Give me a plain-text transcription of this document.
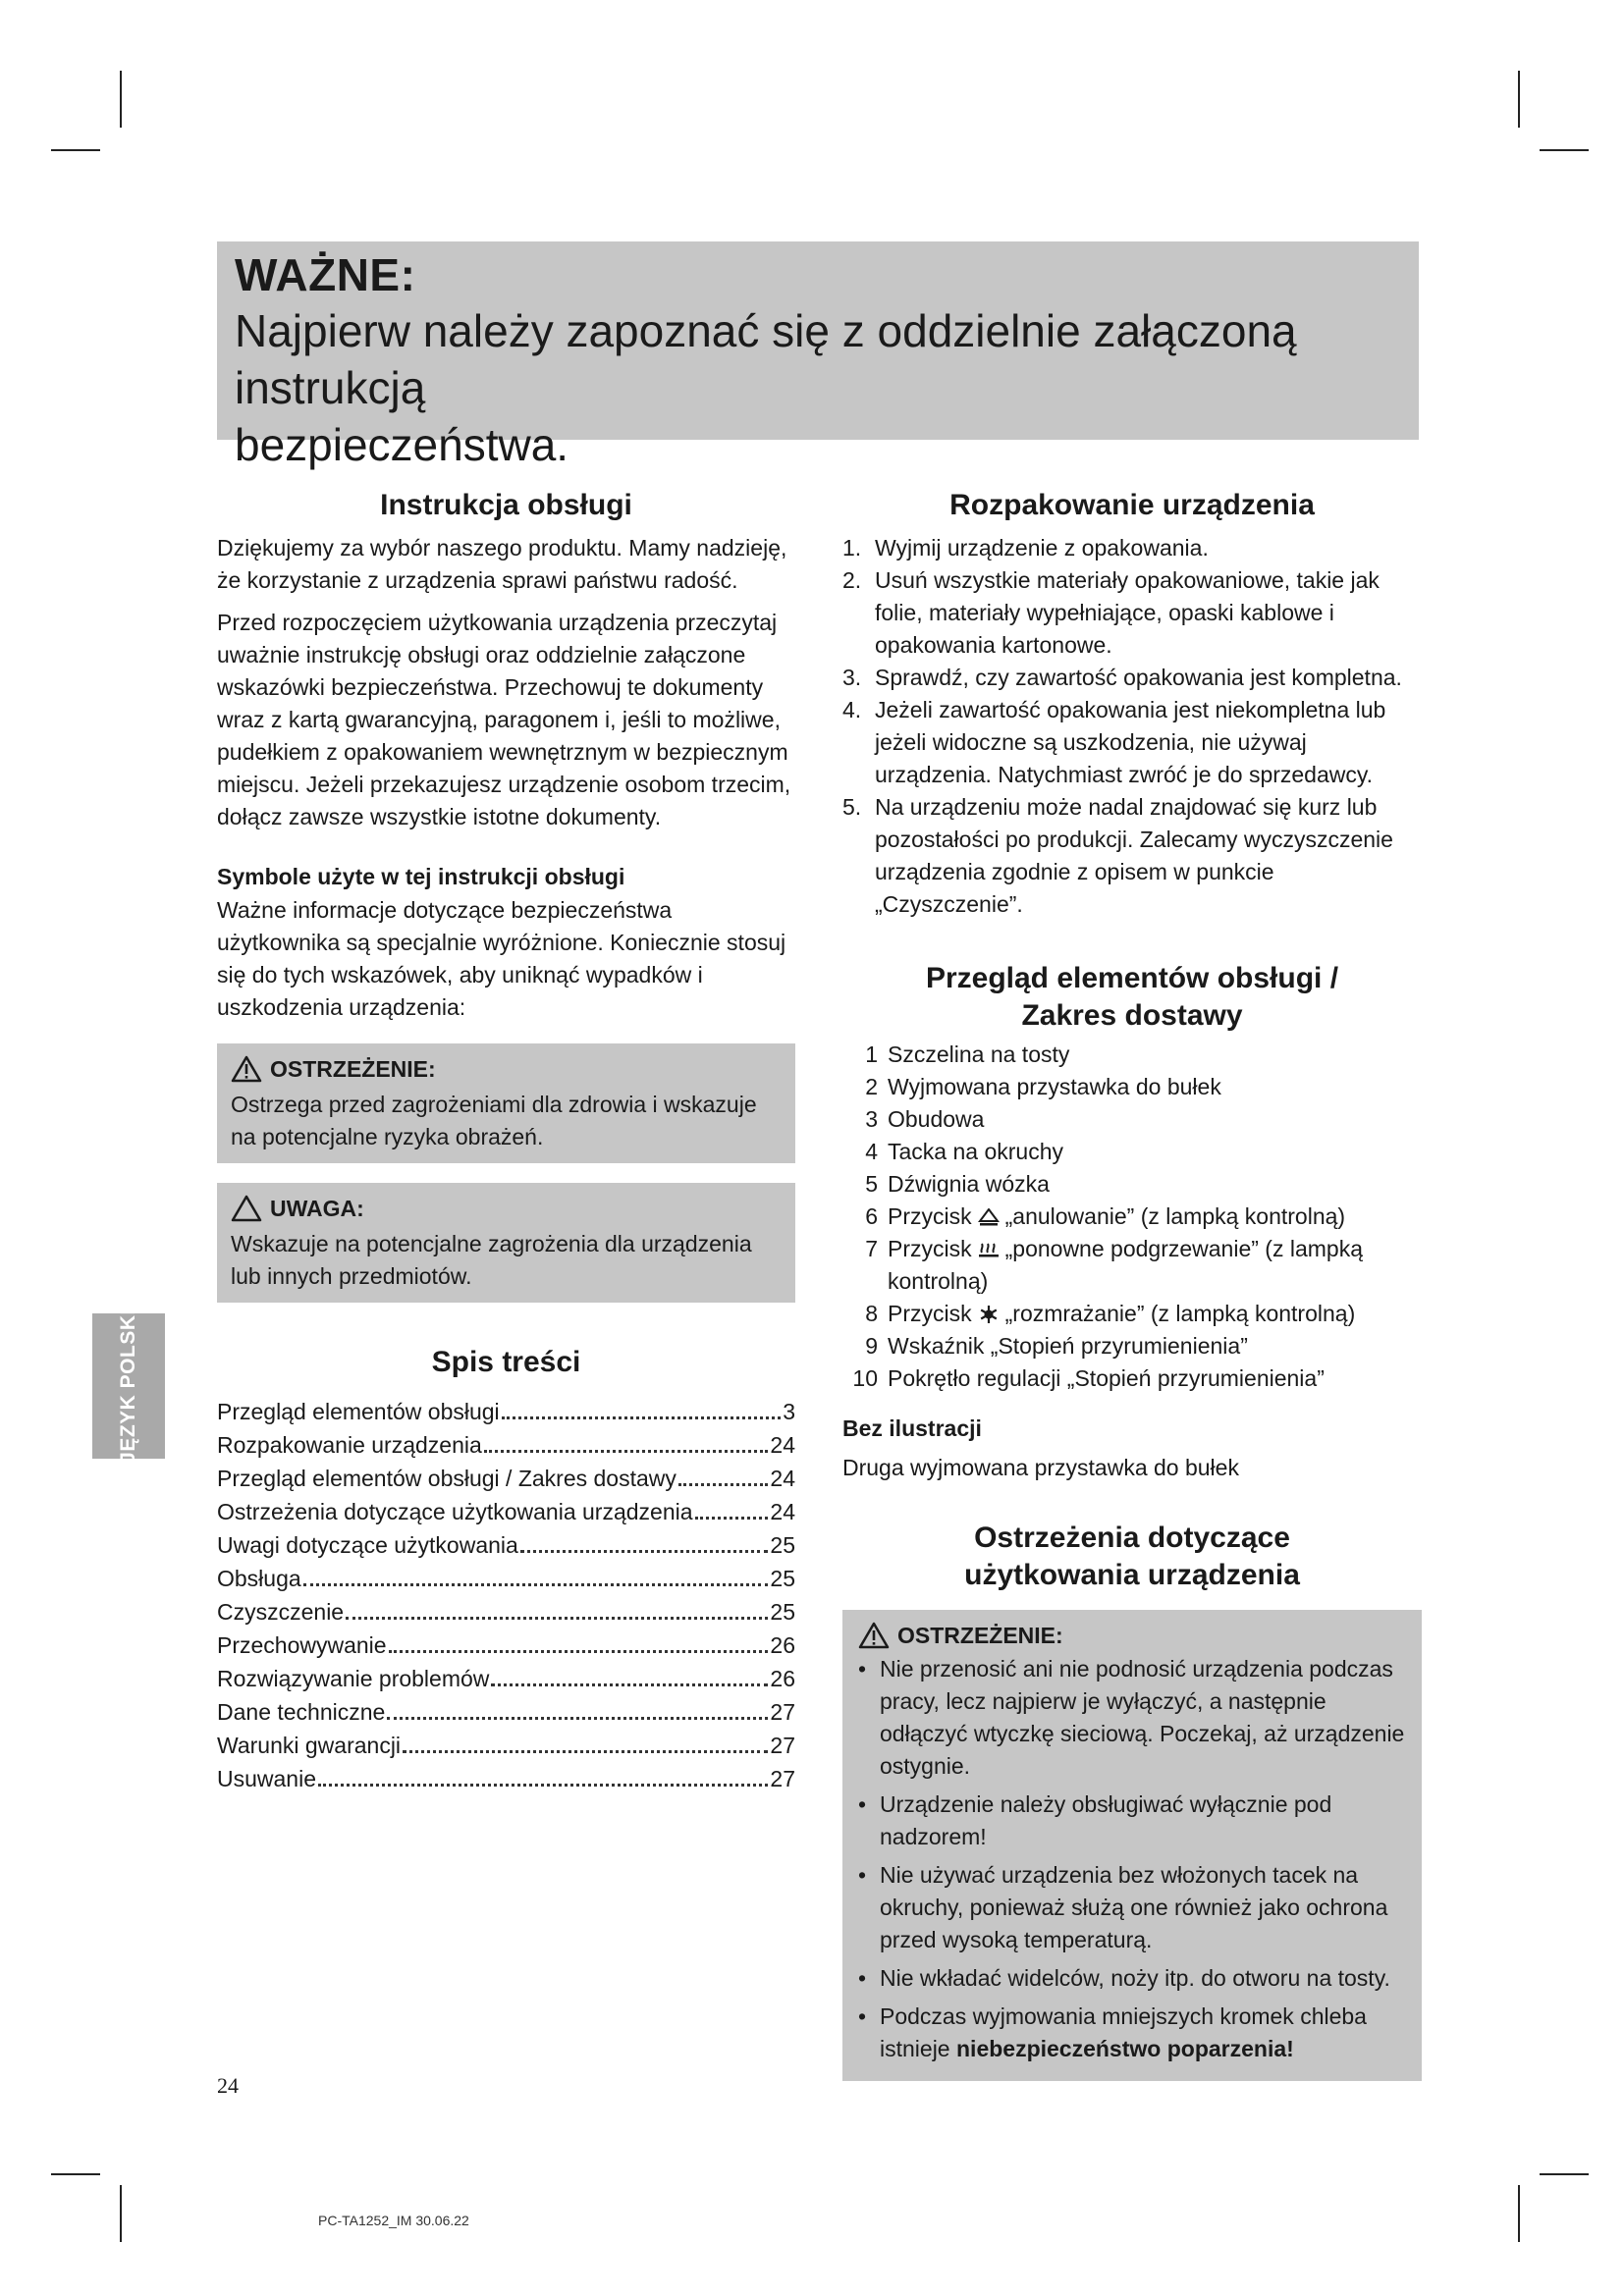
WAŻNE:
Najpierw należy zapoznać się z oddzielnie załączoną instrukcją
bezpieczeństwa.
Instrukcja obsługi

Dziękujemy za wybór naszego produktu. Mamy nadzieję, że korzystanie z urządzenia sprawi państwu radość.

Przed rozpoczęciem użytkowania urządzenia przeczytaj uważnie instrukcję obsługi oraz oddzielnie załączone wskazówki bezpieczeństwa. Przechowuj te dokumenty wraz z kartą gwarancyjną, paragonem i, jeśli to możliwe, pudełkiem z opakowaniem wewnętrznym w bezpiecznym miejscu. Jeżeli przekazujesz urządzenie osobom trzecim, dołącz zawsze wszystkie istotne dokumenty.

Symbole użyte w tej instrukcji obsługi

Ważne informacje dotyczące bezpieczeństwa użytkownika są specjalnie wyróżnione. Koniecznie stosuj się do tych wskazówek, aby uniknąć wypadków i uszkodzenia urządzenia:

OSTRZEŻENIE:

Ostrzega przed zagrożeniami dla zdrowia i wskazuje na potencjalne ryzyka obrażeń.

UWAGA:

Wskazuje na potencjalne zagrożenia dla urządzenia lub innych przedmiotów.

Spis treści
Przegląd elementów obsługi	3
Rozpakowanie urządzenia	24
Przegląd elementów obsługi / Zakres dostawy	24
Ostrzeżenia dotyczące użytkowania urządzenia	24
Uwagi dotyczące użytkowania	25
Obsługa	25
Czyszczenie	25
Przechowywanie	26
Rozwiązywanie problemów	26
Dane techniczne	27
Warunki gwarancji	27
Usuwanie	27
Rozpakowanie urządzenia
1. Wyjmij urządzenie z opakowania.
2. Usuń wszystkie materiały opakowaniowe, takie jak folie, materiały wypełniające, opaski kablowe i opakowania kartonowe.
3. Sprawdź, czy zawartość opakowania jest kompletna.
4. Jeżeli zawartość opakowania jest niekompletna lub jeżeli widoczne są uszkodzenia, nie używaj urządzenia. Natychmiast zwróć je do sprzedawcy.
5. Na urządzeniu może nadal znajdować się kurz lub pozostałości po produkcji. Zalecamy wyczyszczenie urządzenia zgodnie z opisem w punkcie „Czyszczenie”.
Przegląd elementów obsługi /
Zakres dostawy
1 Szczelina na tosty
2 Wyjmowana przystawka do bułek
3 Obudowa
4 Tacka na okruchy
5 Dźwignia wózka
6 Przycisk „anulowanie” (z lampką kontrolną)
7 Przycisk „ponowne podgrzewanie” (z lampką kontrolną)
8 Przycisk „rozmrażanie” (z lampką kontrolną)
9 Wskaźnik „Stopień przyrumienienia”
10 Pokrętło regulacji „Stopień przyrumienienia”
Bez ilustracji

Druga wyjmowana przystawka do bułek

Ostrzeżenia dotyczące
użytkowania urządzenia
OSTRZEŻENIE:
• Nie przenosić ani nie podnosić urządzenia podczas pracy, lecz najpierw je wyłączyć, a następnie odłączyć wtyczkę sieciową. Poczekaj, aż urządzenie ostygnie.
• Urządzenie należy obsługiwać wyłącznie pod nadzorem!
• Nie używać urządzenia bez włożonych tacek na okruchy, ponieważ służą one również jako ochrona przed wysoką temperaturą.
• Nie wkładać widelców, noży itp. do otworu na tosty.
• Podczas wyjmowania mniejszych kromek chleba istnieje niebezpieczeństwo poparzenia!
JĘZYK POLSKI
24
PC-TA1252_IM 30.06.22
